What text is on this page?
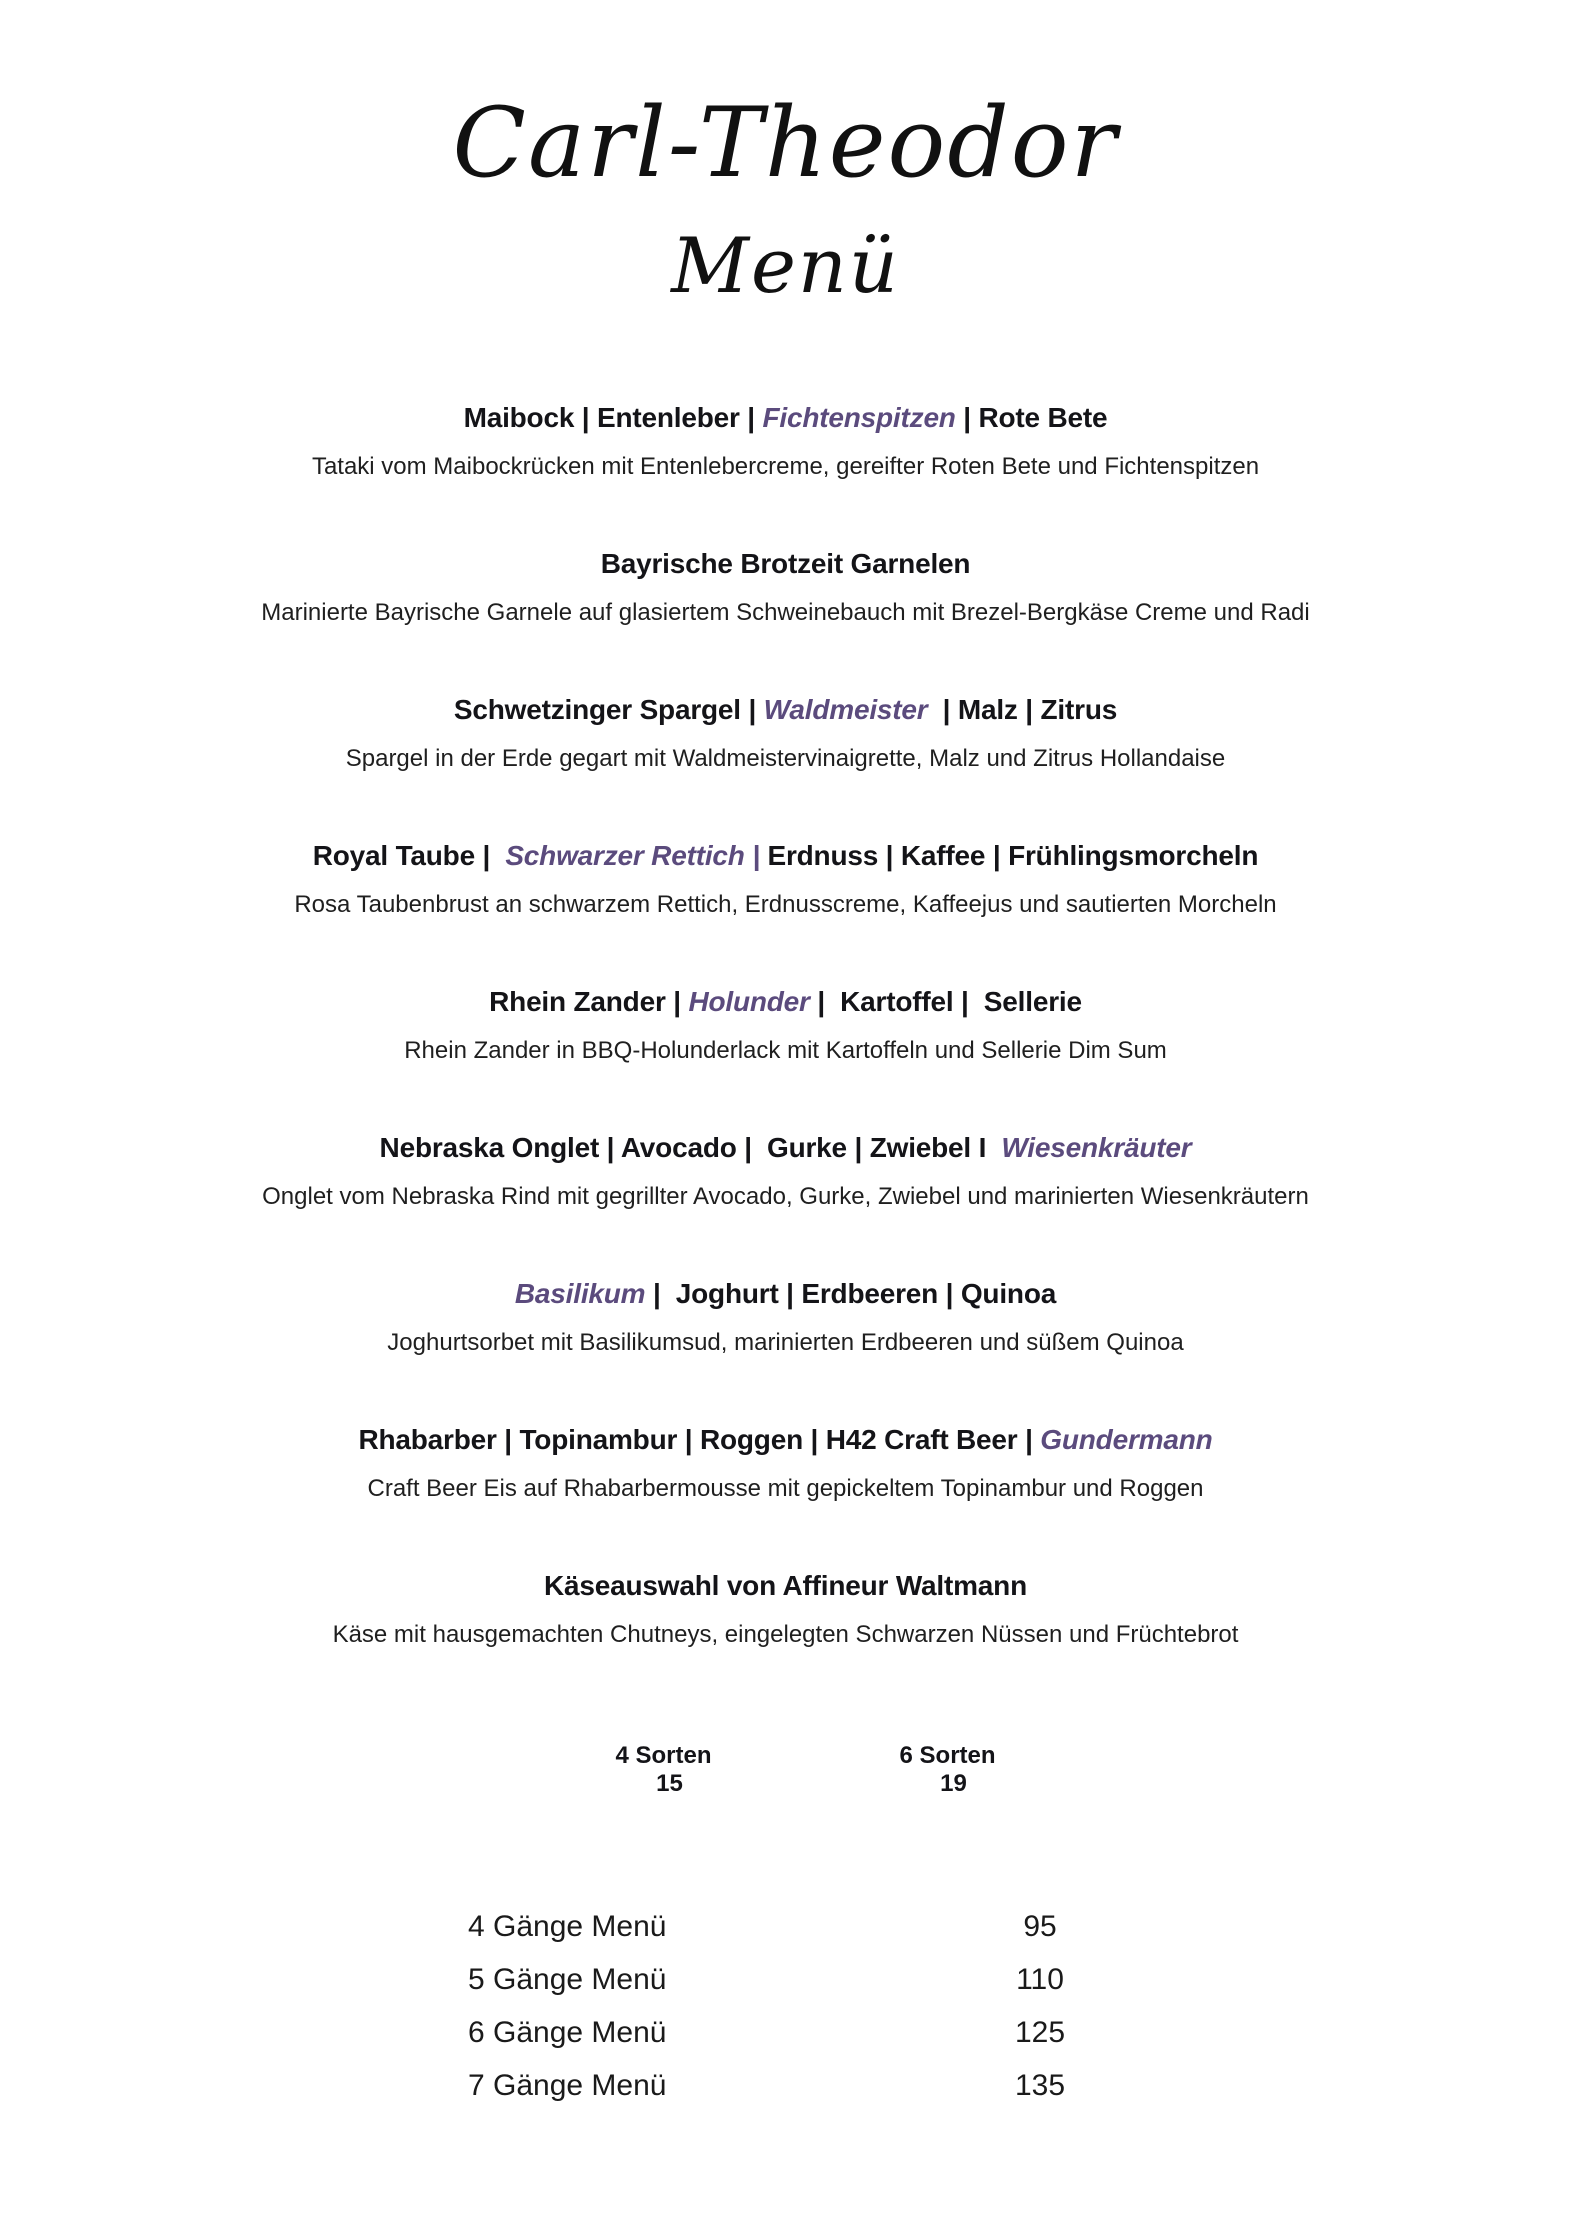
Carl-Theodor
Menü

Maibock | Entenleber | Fichtenspitzen | Rote Bete

Tataki vom Maibockrücken mit Entenlebercreme, gereifter Roten Bete und Fichtenspitzen

Bayrische Brotzeit Garnelen

Marinierte Bayrische Garnele auf glasiertem Schweinebauch mit Brezel-Bergkäse Creme und Radi

Schwetzinger Spargel | Waldmeister  | Malz | Zitrus

Spargel in der Erde gegart mit Waldmeistervinaigrette, Malz und Zitrus Hollandaise

Royal Taube |  Schwarzer Rettich | Erdnuss | Kaffee | Frühlingsmorcheln

Rosa Taubenbrust an schwarzem Rettich, Erdnusscreme, Kaffeejus und sautierten Morcheln

Rhein Zander | Holunder |  Kartoffel |  Sellerie

Rhein Zander in BBQ-Holunderlack mit Kartoffeln und Sellerie Dim Sum

Nebraska Onglet | Avocado |  Gurke | Zwiebel I  Wiesenkräuter

Onglet vom Nebraska Rind mit gegrillter Avocado, Gurke, Zwiebel und marinierten Wiesenkräutern

Basilikum |  Joghurt | Erdbeeren | Quinoa

Joghurtsorbet mit Basilikumsud, marinierten Erdbeeren und süßem Quinoa

Rhabarber | Topinambur | Roggen | H42 Craft Beer | Gundermann

Craft Beer Eis auf Rhabarbermousse mit gepickeltem Topinambur und Roggen

Käseauswahl von Affineur Waltmann

Käse mit hausgemachten Chutneys, eingelegten Schwarzen Nüssen und Früchtebrot

4 Sorten
15

6 Sorten
19

4 Gänge Menü	95
5 Gänge Menü	110
6 Gänge Menü	125
7 Gänge Menü	135
